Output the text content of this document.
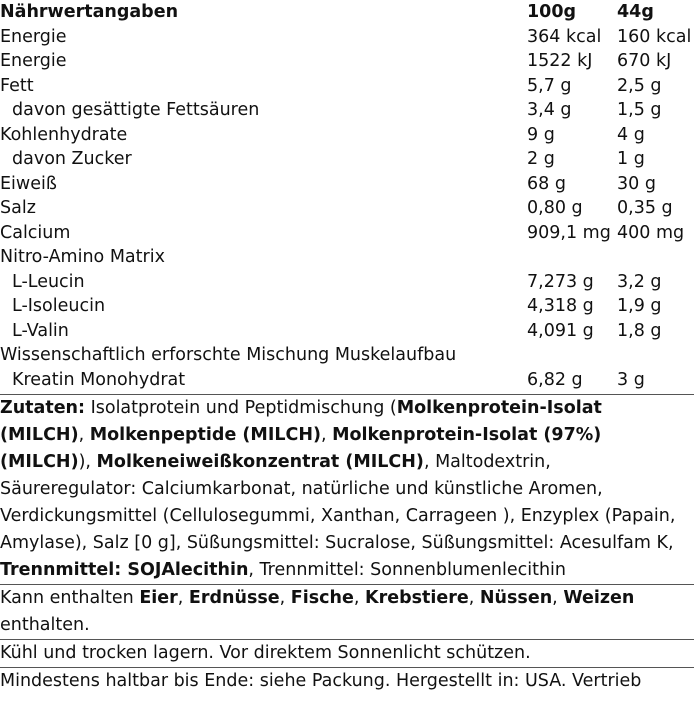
Nährwertangaben	100g	44g
Energie	364 kcal	160 kcal
Energie	1522 kJ	670 kJ
Fett	5,7 g	2,5 g
davon gesättigte Fettsäuren	3,4 g	1,5 g
Kohlenhydrate	9 g	4 g
davon Zucker	2 g	1 g
Eiweiß	68 g	30 g
Salz	0,80 g	0,35 g
Calcium	909,1 mg	400 mg
Nitro-Amino Matrix		
L-Leucin	7,273 g	3,2 g
L-Isoleucin	4,318 g	1,9 g
L-Valin	4,091 g	1,8 g
Wissenschaftlich erforschte Mischung Muskelaufbau		
Kreatin Monohydrat	6,82 g	3 g
Zutaten: Isolatprotein und Peptidmischung (Molkenprotein-Isolat (MILCH), Molkenpeptide (MILCH), Molkenprotein-Isolat (97%) (MILCH)), Molkeneiweißkonzentrat (MILCH), Maltodextrin, Säureregulator: Calciumkarbonat, natürliche und künstliche Aromen, Verdickungsmittel (Cellulosegummi, Xanthan, Carrageen ), Enzyplex (Papain, Amylase), Salz [0 g], Süßungsmittel: Sucralose, Süßungsmittel: Acesulfam K, Trennmittel: SOJAlecithin, Trennmittel: Sonnenblumenlecithin
Kann enthalten Eier, Erdnüsse, Fische, Krebstiere, Nüssen, Weizen enthalten.
Kühl und trocken lagern. Vor direktem Sonnenlicht schützen.
Mindestens haltbar bis Ende: siehe Packung. Hergestellt in: USA. Vertrieb
